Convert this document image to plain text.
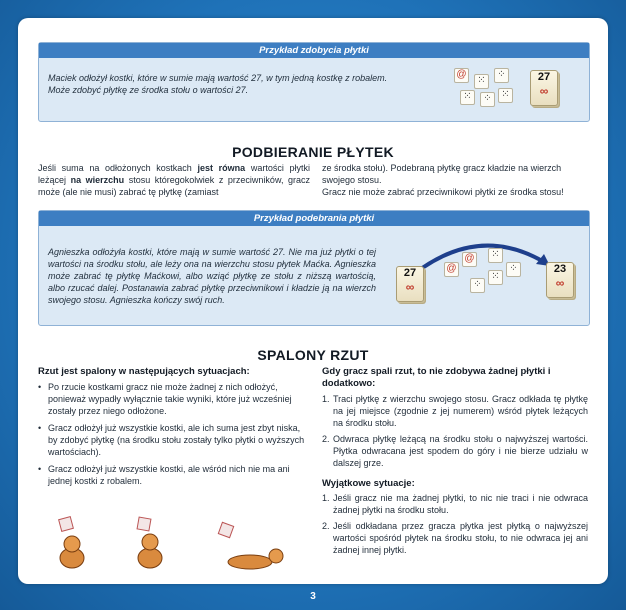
Przykład zdobycia płytki
Maciek odłożył kostki, które w sumie mają wartość 27, w tym jedną kostkę z robalem. Może zdobyć płytkę ze środka stołu o wartości 27.
@
⁙
⁘
⁙	⁘ ⁙
27
∞
PODBIERANIE PŁYTEK
Jeśli suma na odłożonych kostkach jest równa wartości płytki leżącej na wierzchu stosu któregokolwiek z przeciwników, gracz może (ale nie musi) zabrać tę płytkę (zamiast
ze środka stołu). Podebraną płytkę gracz kładzie na wierzch swojego stosu.
Gracz nie może zabrać przeciwnikowi płytki ze środka stosu!
Przykład podebrania płytki
Agnieszka odłożyła kostki, które mają w sumie wartość 27. Nie ma już płytki o tej wartości na środku stołu, ale leży ona na wierzchu stosu płytek Maćka. Agnieszka może zabrać tę płytkę Maćkowi, albo wziąć płytkę ze stołu z niższą wartością, albo rzucać dalej. Postanawia zabrać płytkę przeciwnikowi i kładzie ją na wierzch swojego stosu. Agnieszka kończy swój ruch.
27
∞
@
@	⁙
⁘
⁙
⁘	23
∞
SPALONY RZUT
Rzut jest spalony w następujących sytuacjach:
• Po rzucie kostkami gracz nie może żadnej z nich odłożyć, ponieważ wypadły wyłącznie takie wyniki, które już wcześniej zostały przez niego odłożone.
• Gracz odłożył już wszystkie kostki, ale ich suma jest zbyt niska, by zdobyć płytkę (na środku stołu zostały tylko płytki o wyższych wartościach).
• Gracz odłożył już wszystkie kostki, ale wśród nich nie ma ani jednej kostki z robalem.
Gdy gracz spali rzut, to nie zdobywa żadnej płytki i dodatkowo:
1. Traci płytkę z wierzchu swojego stosu. Gracz odkłada tę płytkę na jej miejsce (zgodnie z jej numerem) wśród płytek leżących na środku stołu.
2. Odwraca płytkę leżącą na środku stołu o najwyższej wartości. Płytka odwracana jest spodem do góry i nie bierze udziału w dalszej grze.
Wyjątkowe sytuacje:
1. Jeśli gracz nie ma żadnej płytki, to nic nie traci i nie odwraca żadnej płytki na środku stołu.
2. Jeśli odkładana przez gracza płytka jest płytką o najwyższej wartości spośród płytek na środku stołu, to nie odwraca jej ani żadnej innej płytki.
3
